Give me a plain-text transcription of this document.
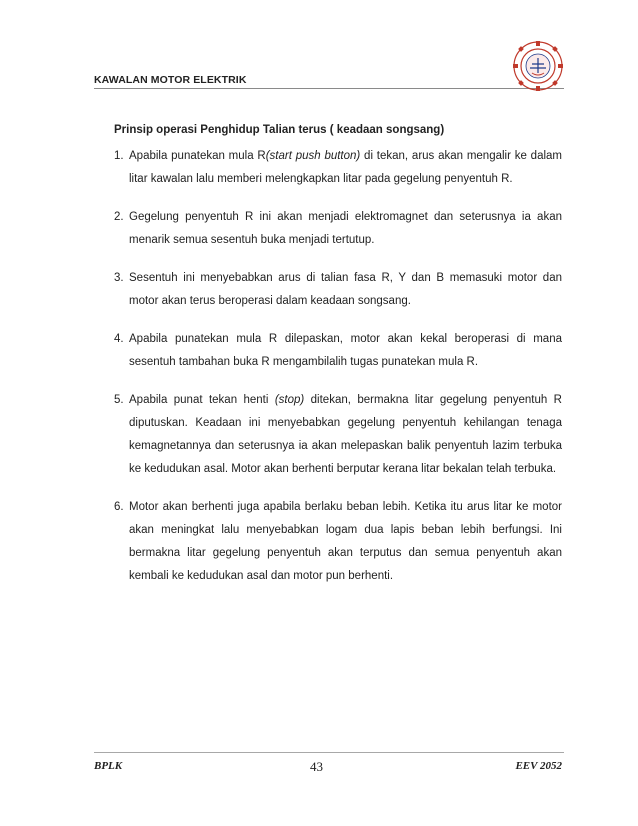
KAWALAN MOTOR ELEKTRIK
Prinsip operasi Penghidup Talian terus ( keadaan songsang)
1. Apabila punatekan mula R(start push button) di tekan, arus akan mengalir ke dalam litar kawalan lalu memberi melengkapkan litar pada gegelung penyentuh R.
2. Gegelung penyentuh R ini akan menjadi elektromagnet dan seterusnya ia akan menarik semua sesentuh buka menjadi tertutup.
3. Sesentuh ini menyebabkan arus di talian fasa R, Y dan B memasuki motor dan motor akan terus beroperasi dalam keadaan songsang.
4. Apabila punatekan mula R dilepaskan, motor akan kekal beroperasi di mana sesentuh tambahan buka R mengambilalih tugas punatekan mula R.
5. Apabila punat tekan henti (stop) ditekan, bermakna litar gegelung penyentuh R diputuskan. Keadaan ini menyebabkan gegelung penyentuh kehilangan tenaga kemagnetannya dan seterusnya ia akan melepaskan balik penyentuh lazim terbuka ke kedudukan asal. Motor akan berhenti berputar kerana litar bekalan telah terbuka.
6. Motor akan berhenti juga apabila berlaku beban lebih. Ketika itu arus litar ke motor akan meningkat lalu menyebabkan logam dua lapis beban lebih berfungsi. Ini bermakna litar gegelung penyentuh akan terputus dan semua penyentuh akan kembali ke kedudukan asal dan motor pun berhenti.
BPLK	43	EEV 2052
